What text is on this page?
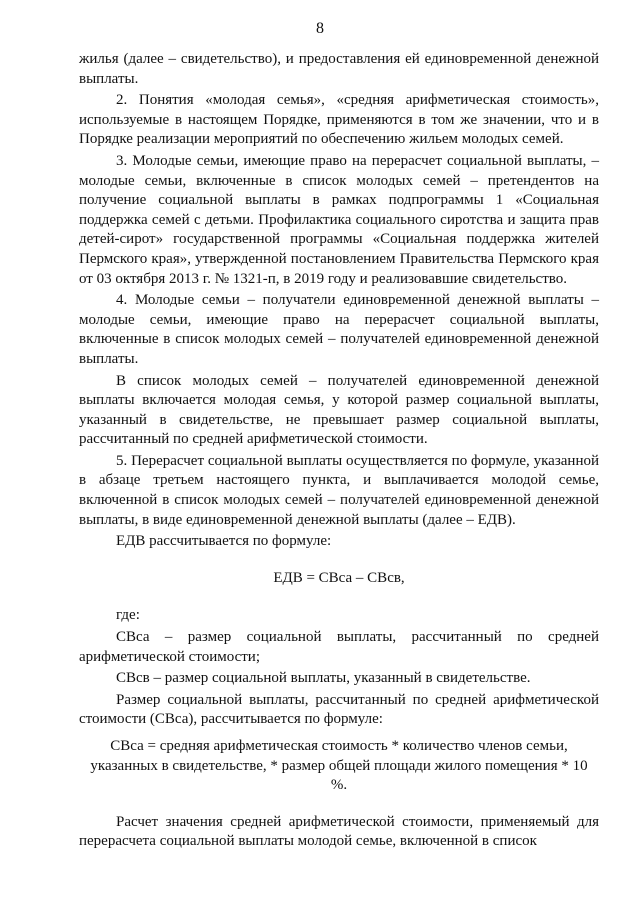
8

жилья (далее – свидетельство), и предоставления ей единовременной денежной выплаты.

2. Понятия «молодая семья», «средняя арифметическая стоимость», используемые в настоящем Порядке, применяются в том же значении, что и в Порядке реализации мероприятий по обеспечению жильем молодых семей.

3. Молодые семьи, имеющие право на перерасчет социальной выплаты, – молодые семьи, включенные в список молодых семей – претендентов на получение социальной выплаты в рамках подпрограммы 1 «Социальная поддержка семей с детьми. Профилактика социального сиротства и защита прав детей-сирот» государственной программы «Социальная поддержка жителей Пермского края», утвержденной постановлением Правительства Пермского края от 03 октября 2013 г. № 1321-п, в 2019 году и реализовавшие свидетельство.

4. Молодые семьи – получатели единовременной денежной выплаты – молодые семьи, имеющие право на перерасчет социальной выплаты, включенные в список молодых семей – получателей единовременной денежной выплаты.

В список молодых семей – получателей единовременной денежной выплаты включается молодая семья, у которой размер социальной выплаты, указанный в свидетельстве, не превышает размер социальной выплаты, рассчитанный по средней арифметической стоимости.

5. Перерасчет социальной выплаты осуществляется по формуле, указанной в абзаце третьем настоящего пункта, и выплачивается молодой семье, включенной в список молодых семей – получателей единовременной денежной выплаты, в виде единовременной денежной выплаты (далее – ЕДВ).

ЕДВ рассчитывается по формуле:

ЕДВ = СВса – СВсв,

где:

СВса – размер социальной выплаты, рассчитанный по средней арифметической стоимости;

СВсв – размер социальной выплаты, указанный в свидетельстве.

Размер социальной выплаты, рассчитанный по средней арифметической стоимости (СВса), рассчитывается по формуле:

СВса = средняя арифметическая стоимость * количество членов семьи, указанных в свидетельстве, * размер общей площади жилого помещения * 10 %.

Расчет значения средней арифметической стоимости, применяемый для перерасчета социальной выплаты молодой семье, включенной в список
